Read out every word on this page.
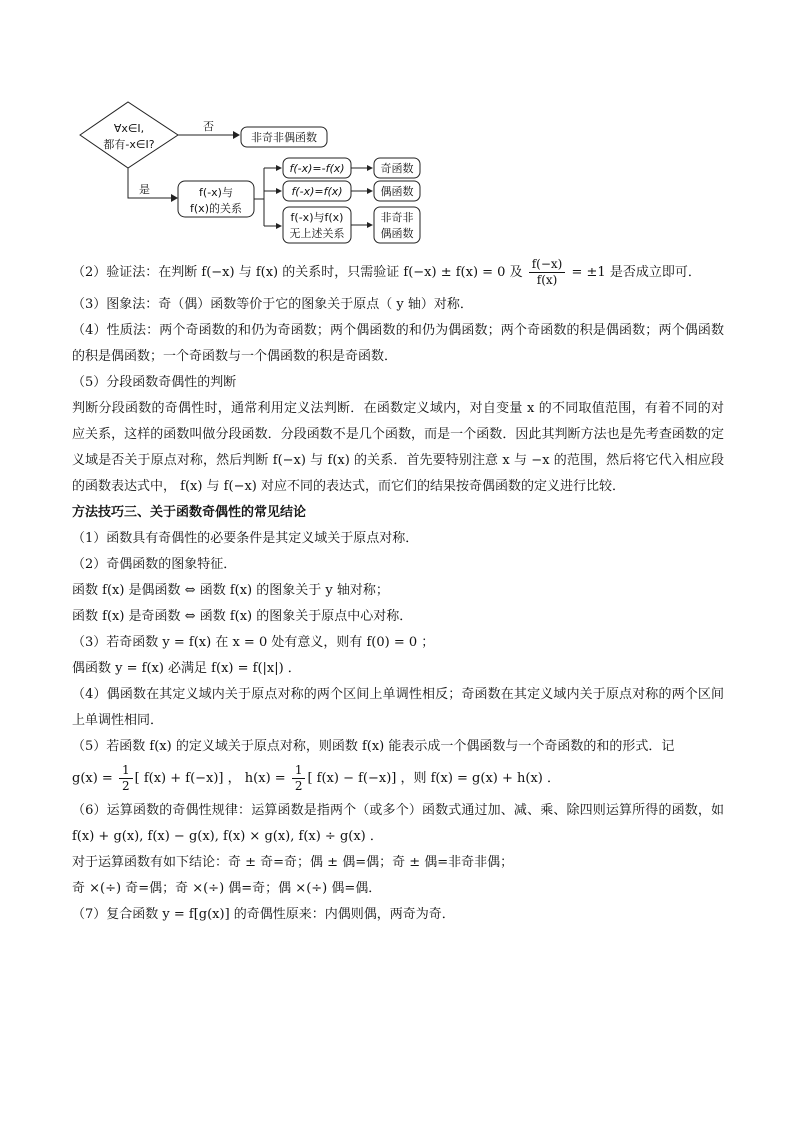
∀x∈I,
都有-x∈I?
否
非奇非偶函数
是	f(-x)与
f(x)的关系
f(-x)=-f(x)
f(-x)=f(x)
f(-x)与f(x)
无上述关系
奇函数
偶函数
非奇非
偶函数

（2）验证法：在判断 f(−x) 与 f(x) 的关系时，只需验证 f(−x) ± f(x) = 0 及 $\frac{f(-x)}{f(x)} = \pm 1$ 是否成立即可．

（3）图象法：奇（偶）函数等价于它的图象关于原点（ y 轴）对称．

（4）性质法：两个奇函数的和仍为奇函数；两个偶函数的和仍为偶函数；两个奇函数的积是偶函数；两个偶函数的积是偶函数；一个奇函数与一个偶函数的积是奇函数．

（5）分段函数奇偶性的判断

判断分段函数的奇偶性时，通常利用定义法判断．在函数定义域内，对自变量 x 的不同取值范围，有着不同的对应关系，这样的函数叫做分段函数．分段函数不是几个函数，而是一个函数．因此其判断方法也是先考查函数的定义域是否关于原点对称，然后判断 f(−x) 与 f(x) 的关系．首先要特别注意 x 与 −x 的范围，然后将它代入相应段的函数表达式中， f(x) 与 f(−x) 对应不同的表达式，而它们的结果按奇偶函数的定义进行比较．

方法技巧三、关于函数奇偶性的常见结论

（1）函数具有奇偶性的必要条件是其定义域关于原点对称．

（2）奇偶函数的图象特征．

函数 f(x) 是偶函数 ⇔ 函数 f(x) 的图象关于 y 轴对称；

函数 f(x) 是奇函数 ⇔ 函数 f(x) 的图象关于原点中心对称．

（3）若奇函数 y = f(x) 在 x = 0 处有意义，则有 f(0) = 0 ；

偶函数 y = f(x) 必满足 f(x) = f(|x|) ．

（4）偶函数在其定义域内关于原点对称的两个区间上单调性相反；奇函数在其定义域内关于原点对称的两个区间上单调性相同．

（5）若函数 f(x) 的定义域关于原点对称，则函数 f(x) 能表示成一个偶函数与一个奇函数的和的形式．记

$g(x) = \frac{1}{2}$ [ f(x) + f(−x)] ， $h(x) = \frac{1}{2}$ [ f(x) − f(−x)] ，则 f(x) = g(x) + h(x) ．

（6）运算函数的奇偶性规律：运算函数是指两个（或多个）函数式通过加、减、乘、除四则运算所得的函数，如 f(x) + g(x), f(x) − g(x), f(x) × g(x), f(x) ÷ g(x) ．

对于运算函数有如下结论：奇 ± 奇=奇；偶 ± 偶=偶；奇 ± 偶=非奇非偶；

奇 ×(÷) 奇=偶；奇 ×(÷) 偶=奇；偶 ×(÷) 偶=偶．

（7）复合函数 y = f[g(x)] 的奇偶性原来：内偶则偶，两奇为奇．
